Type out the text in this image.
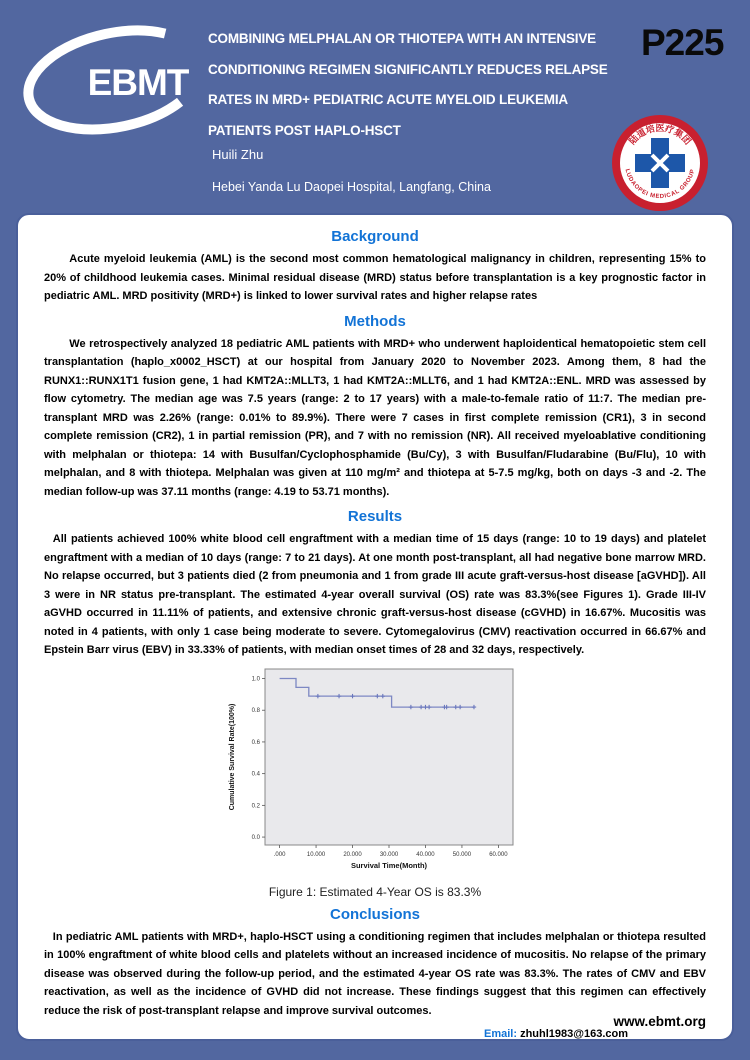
EBMT
COMBINING MELPHALAN OR THIOTEPA WITH AN INTENSIVE
CONDITIONING REGIMEN SIGNIFICANTLY REDUCES RELAPSE
RATES IN MRD+ PEDIATRIC ACUTE MYELOID LEUKEMIA
PATIENTS POST HAPLO-HSCT
P225
Huili Zhu
Hebei Yanda Lu Daopei Hospital, Langfang, China
陆道培医疗集团
LUDAOPEI MEDICAL GROUP
Background

Acute myeloid leukemia (AML) is the second most common hematological malignancy in children, representing 15% to 20% of childhood leukemia cases. Minimal residual disease (MRD) status before transplantation is a key prognostic factor in pediatric AML. MRD positivity (MRD+) is linked to lower survival rates and higher relapse rates

Methods

We retrospectively analyzed 18 pediatric AML patients with MRD+ who underwent haploidentical hematopoietic stem cell transplantation (haplo_x0002_HSCT) at our hospital from January 2020 to November 2023. Among them, 8 had the RUNX1::RUNX1T1 fusion gene, 1 had KMT2A::MLLT3, 1 had KMT2A::MLLT6, and 1 had KMT2A::ENL. MRD was assessed by flow cytometry. The median age was 7.5 years (range: 2 to 17 years) with a male-to-female ratio of 11:7. The median pre-transplant MRD was 2.26% (range: 0.01% to 89.9%). There were 7 cases in first complete remission (CR1), 3 in second complete remission (CR2), 1 in partial remission (PR), and 7 with no remission (NR). All received myeloablative conditioning with melphalan or thiotepa: 14 with Busulfan/Cyclophosphamide (Bu/Cy), 3 with Busulfan/Fludarabine (Bu/Flu), 10 with melphalan, and 8 with thiotepa. Melphalan was given at 110 mg/m² and thiotepa at 5-7.5 mg/kg, both on days -3 and -2. The median follow-up was 37.11 months (range: 4.19 to 53.71 months).

Results

All patients achieved 100% white blood cell engraftment with a median time of 15 days (range: 10 to 19 days) and platelet engraftment with a median of 10 days (range: 7 to 21 days). At one month post-transplant, all had negative bone marrow MRD. No relapse occurred, but 3 patients died (2 from pneumonia and 1 from grade III acute graft-versus-host disease [aGVHD]). All 3 were in NR status pre-transplant. The estimated 4-year overall survival (OS) rate was 83.3%(see Figures 1). Grade III-IV aGVHD occurred in 11.11% of patients, and extensive chronic graft-versus-host disease (cGVHD) in 16.67%. Mucositis was noted in 4 patients, with only 1 case being moderate to severe. Cytomegalovirus (CMV) reactivation occurred in 66.67% and Epstein Barr virus (EBV) in 33.33% of patients, with median onset times of 28 and 32 days, respectively.

.000	10.000	20.000	30.000	40.000	50.000	60.000
0.0
0.2
0.4
0.6
0.8
1.0
Survival Time(Month)
Cumulative Survival Rate(100%)
Figure 1: Estimated 4-Year OS is 83.3%
Conclusions

In pediatric AML patients with MRD+, haplo-HSCT using a conditioning regimen that includes melphalan or thiotepa resulted in 100% engraftment of white blood cells and platelets without an increased incidence of mucositis. No relapse of the primary disease was observed during the follow-up period, and the estimated 4-year OS rate was 83.3%. The rates of CMV and EBV reactivation, as well as the incidence of GVHD did not increase. These findings suggest that this regimen can effectively reduce the risk of post-transplant relapse and improve survival outcomes.

Email: zhuhl1983@163.com
www.ebmt.org
